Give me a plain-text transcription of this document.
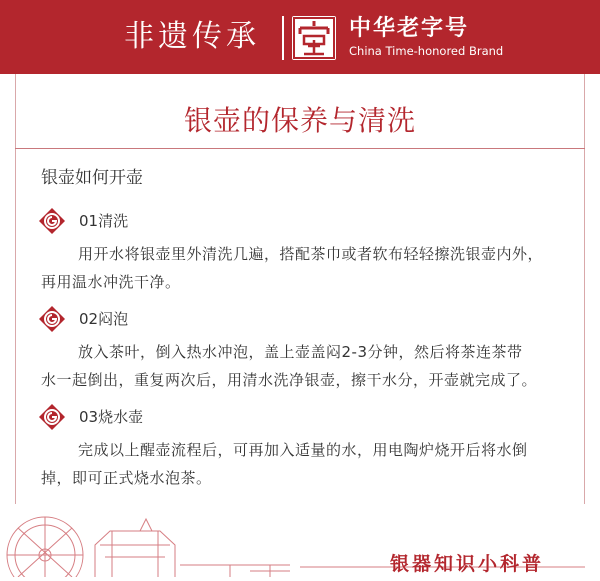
非遗传承	中华老字号
China Time-honored Brand
银壶的保养与清洗
银壶如何开壶
01清洗
用开水将银壶里外清洗几遍，搭配茶巾或者软布轻轻擦洗银壶内外，
再用温水冲洗干净。
02闷泡
放入茶叶，倒入热水冲泡，盖上壶盖闷2-3分钟，然后将茶连茶带
水一起倒出，重复两次后，用清水洗净银壶，擦干水分，开壶就完成了。
03烧水壶
完成以上醒壶流程后，可再加入适量的水，用电陶炉烧开后将水倒
掉，即可正式烧水泡茶。
银器知识小科普
